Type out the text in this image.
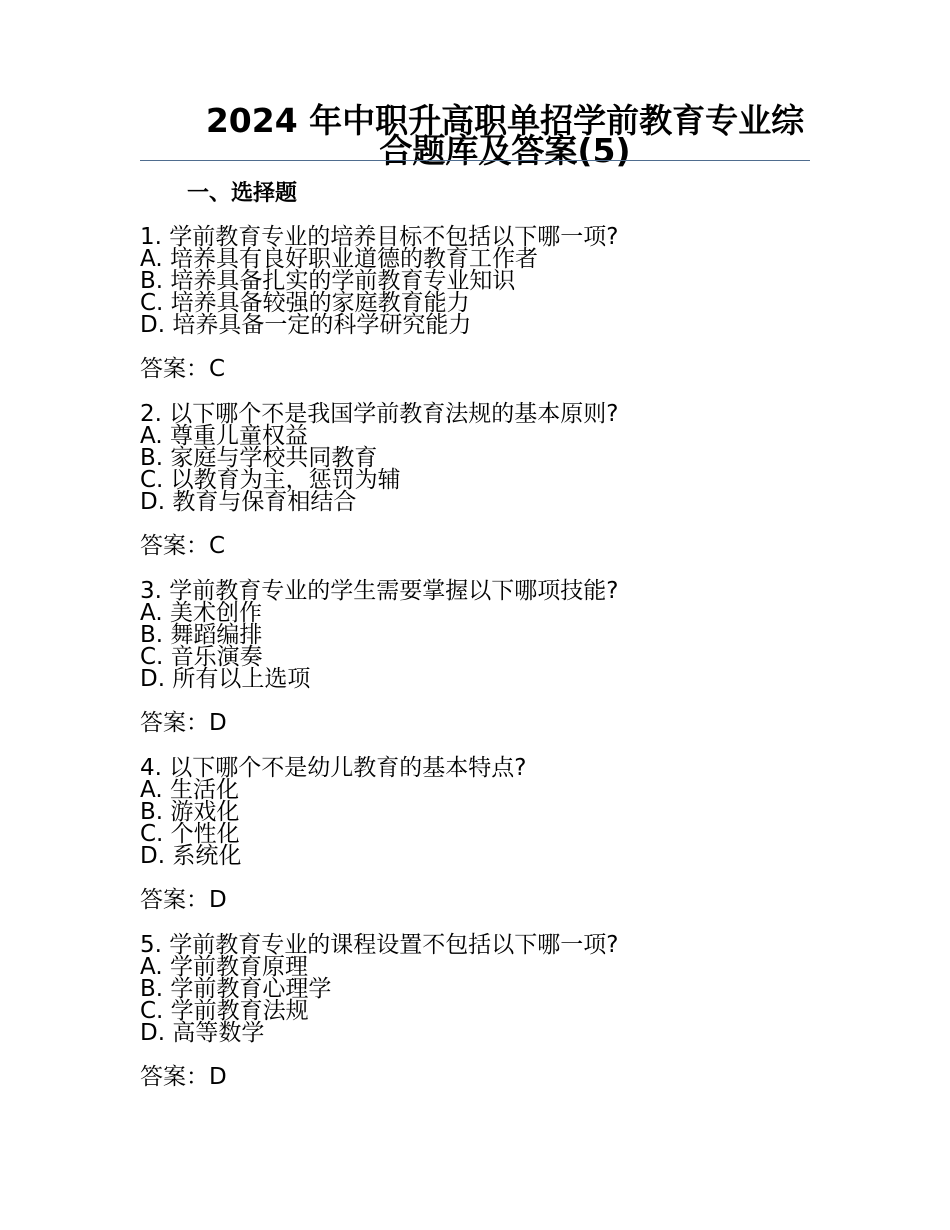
2024 年中职升高职单招学前教育专业综合题库及答案(5)
一、选择题
1. 学前教育专业的培养目标不包括以下哪一项?
A. 培养具有良好职业道德的教育工作者
B. 培养具备扎实的学前教育专业知识
C. 培养具备较强的家庭教育能力
D. 培养具备一定的科学研究能力
答案：C
2. 以下哪个不是我国学前教育法规的基本原则?
A. 尊重儿童权益
B. 家庭与学校共同教育
C. 以教育为主，惩罚为辅
D. 教育与保育相结合
答案：C
3. 学前教育专业的学生需要掌握以下哪项技能?
A. 美术创作
B. 舞蹈编排
C. 音乐演奏
D. 所有以上选项
答案：D
4. 以下哪个不是幼儿教育的基本特点?
A. 生活化
B. 游戏化
C. 个性化
D. 系统化
答案：D
5. 学前教育专业的课程设置不包括以下哪一项?
A. 学前教育原理
B. 学前教育心理学
C. 学前教育法规
D. 高等数学
答案：D
